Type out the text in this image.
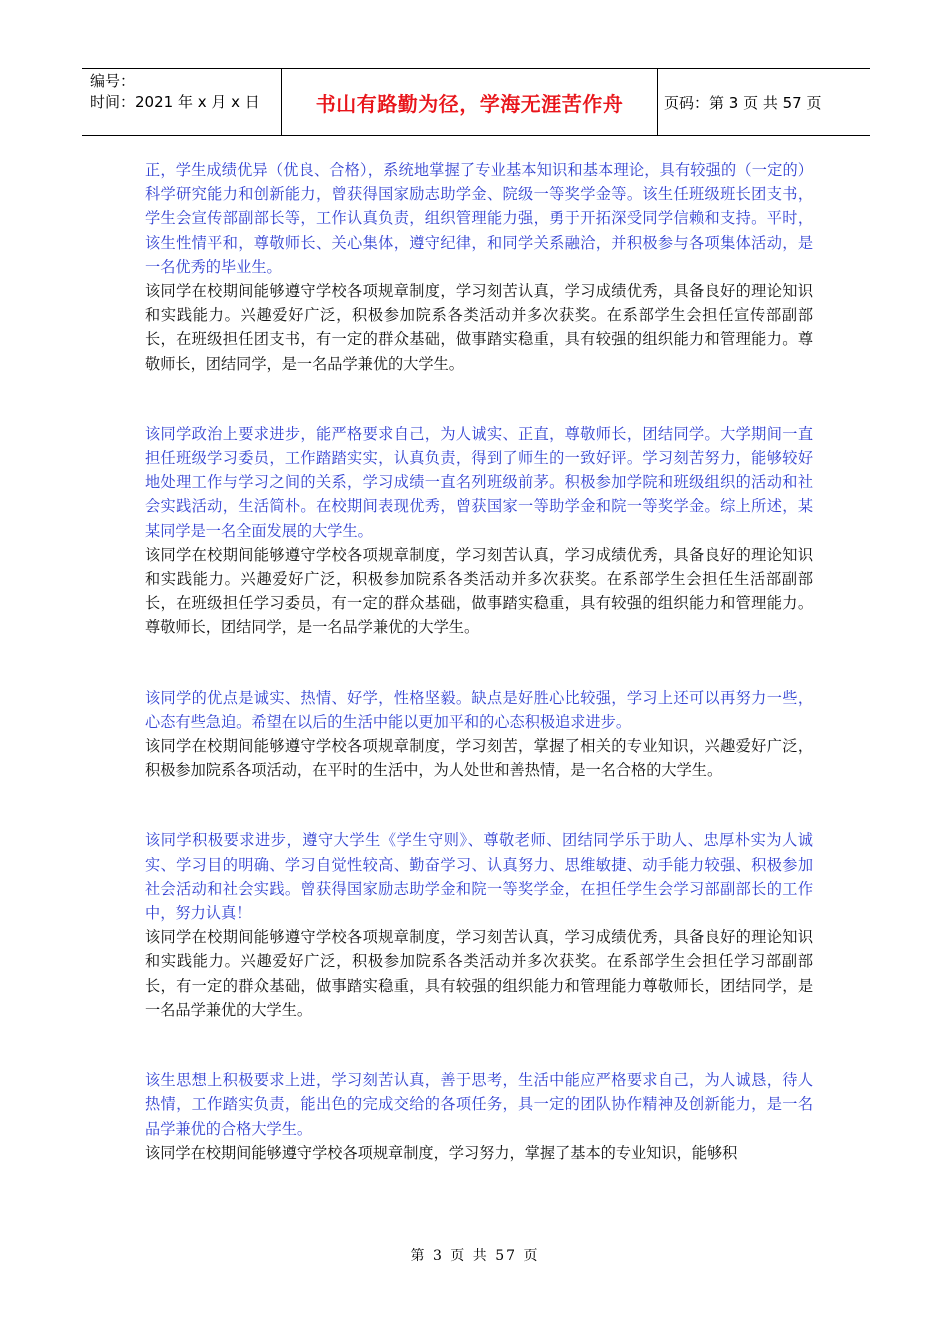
编号：
时间：2021 年 x 月 x 日	书山有路勤为径，学海无涯苦作舟	页码：第 3 页 共 57 页

正，学生成绩优异（优良、合格），系统地掌握了专业基本知识和基本理论，具有较强的（一定的）科学研究能力和创新能力，曾获得国家励志助学金、院级一等奖学金等。该生任班级班长团支书，学生会宣传部副部长等，工作认真负责，组织管理能力强，勇于开拓深受同学信赖和支持。平时，该生性情平和，尊敬师长、关心集体，遵守纪律，和同学关系融洽，并积极参与各项集体活动，是一名优秀的毕业生。

该同学在校期间能够遵守学校各项规章制度，学习刻苦认真，学习成绩优秀，具备良好的理论知识和实践能力。兴趣爱好广泛，积极参加院系各类活动并多次获奖。在系部学生会担任宣传部副部长，在班级担任团支书，有一定的群众基础，做事踏实稳重，具有较强的组织能力和管理能力。尊敬师长，团结同学，是一名品学兼优的大学生。

该同学政治上要求进步，能严格要求自己，为人诚实、正直，尊敬师长，团结同学。大学期间一直担任班级学习委员，工作踏踏实实，认真负责，得到了师生的一致好评。学习刻苦努力，能够较好地处理工作与学习之间的关系，学习成绩一直名列班级前茅。积极参加学院和班级组织的活动和社会实践活动，生活简朴。在校期间表现优秀，曾获国家一等助学金和院一等奖学金。综上所述，某某同学是一名全面发展的大学生。

该同学在校期间能够遵守学校各项规章制度，学习刻苦认真，学习成绩优秀，具备良好的理论知识和实践能力。兴趣爱好广泛，积极参加院系各类活动并多次获奖。在系部学生会担任生活部副部长，在班级担任学习委员，有一定的群众基础，做事踏实稳重，具有较强的组织能力和管理能力。尊敬师长，团结同学，是一名品学兼优的大学生。

该同学的优点是诚实、热情、好学，性格坚毅。缺点是好胜心比较强，学习上还可以再努力一些，心态有些急迫。希望在以后的生活中能以更加平和的心态积极追求进步。

该同学在校期间能够遵守学校各项规章制度，学习刻苦，掌握了相关的专业知识，兴趣爱好广泛，积极参加院系各项活动，在平时的生活中，为人处世和善热情，是一名合格的大学生。

该同学积极要求进步，遵守大学生《学生守则》、尊敬老师、团结同学乐于助人、忠厚朴实为人诚实、学习目的明确、学习自觉性较高、勤奋学习、认真努力、思维敏捷、动手能力较强、积极参加社会活动和社会实践。曾获得国家励志助学金和院一等奖学金，在担任学生会学习部副部长的工作中，努力认真！

该同学在校期间能够遵守学校各项规章制度，学习刻苦认真，学习成绩优秀，具备良好的理论知识和实践能力。兴趣爱好广泛，积极参加院系各类活动并多次获奖。在系部学生会担任学习部副部长，有一定的群众基础，做事踏实稳重，具有较强的组织能力和管理能力尊敬师长，团结同学，是一名品学兼优的大学生。

该生思想上积极要求上进，学习刻苦认真，善于思考，生活中能应严格要求自己，为人诚恳，待人热情，工作踏实负责，能出色的完成交给的各项任务，具一定的团队协作精神及创新能力，是一名品学兼优的合格大学生。

该同学在校期间能够遵守学校各项规章制度，学习努力，掌握了基本的专业知识，能够积

第 3 页 共 57 页
